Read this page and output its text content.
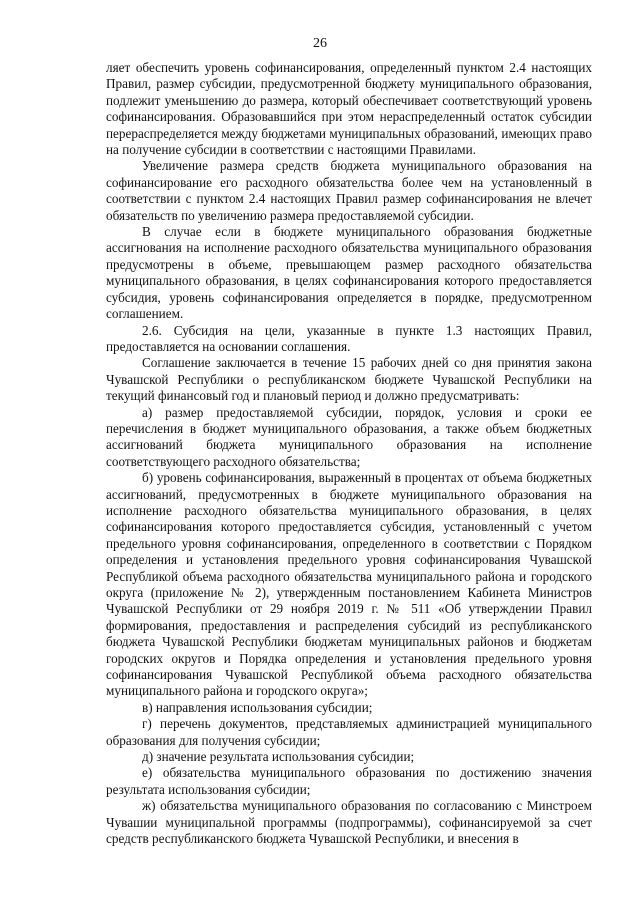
26

ляет обеспечить уровень софинансирования, определенный пунктом 2.4 настоящих Правил, размер субсидии, предусмотренной бюджету муниципального образования, подлежит уменьшению до размера, который обеспечивает соответствующий уровень софинансирования. Образовавшийся при этом нераспределенный остаток субсидии перераспределяется между бюджетами муниципальных образований, имеющих право на получение субсидии в соответствии с настоящими Правилами.

Увеличение размера средств бюджета муниципального образования на софинансирование его расходного обязательства более чем на установленный в соответствии с пунктом 2.4 настоящих Правил размер софинансирования не влечет обязательств по увеличению размера предоставляемой субсидии.

В случае если в бюджете муниципального образования бюджетные ассигнования на исполнение расходного обязательства муниципального образования предусмотрены в объеме, превышающем размер расходного обязательства муниципального образования, в целях софинансирования которого предоставляется субсидия, уровень софинансирования определяется в порядке, предусмотренном соглашением.

2.6. Субсидия на цели, указанные в пункте 1.3 настоящих Правил, предоставляется на основании соглашения.

Соглашение заключается в течение 15 рабочих дней со дня принятия закона Чувашской Республики о республиканском бюджете Чувашской Республики на текущий финансовый год и плановый период и должно предусматривать:

а) размер предоставляемой субсидии, порядок, условия и сроки ее перечисления в бюджет муниципального образования, а также объем бюджетных ассигнований бюджета муниципального образования на исполнение соответствующего расходного обязательства;

б) уровень софинансирования, выраженный в процентах от объема бюджетных ассигнований, предусмотренных в бюджете муниципального образования на исполнение расходного обязательства муниципального образования, в целях софинансирования которого предоставляется субсидия, установленный с учетом предельного уровня софинансирования, определенного в соответствии с Порядком определения и установления предельного уровня софинансирования Чувашской Республикой объема расходного обязательства муниципального района и городского округа (приложение № 2), утвержденным постановлением Кабинета Министров Чувашской Республики от 29 ноября 2019 г. № 511 «Об утверждении Правил формирования, предоставления и распределения субсидий из республиканского бюджета Чувашской Республики бюджетам муниципальных районов и бюджетам городских округов и Порядка определения и установления предельного уровня софинансирования Чувашской Республикой объема расходного обязательства муниципального района и городского округа»;

в) направления использования субсидии;

г) перечень документов, представляемых администрацией муниципального образования для получения субсидии;

д) значение результата использования субсидии;

е) обязательства муниципального образования по достижению значения результата использования субсидии;

ж) обязательства муниципального образования по согласованию с Минстроем Чувашии муниципальной программы (подпрограммы), софинансируемой за счет средств республиканского бюджета Чувашской Республики, и внесения в
